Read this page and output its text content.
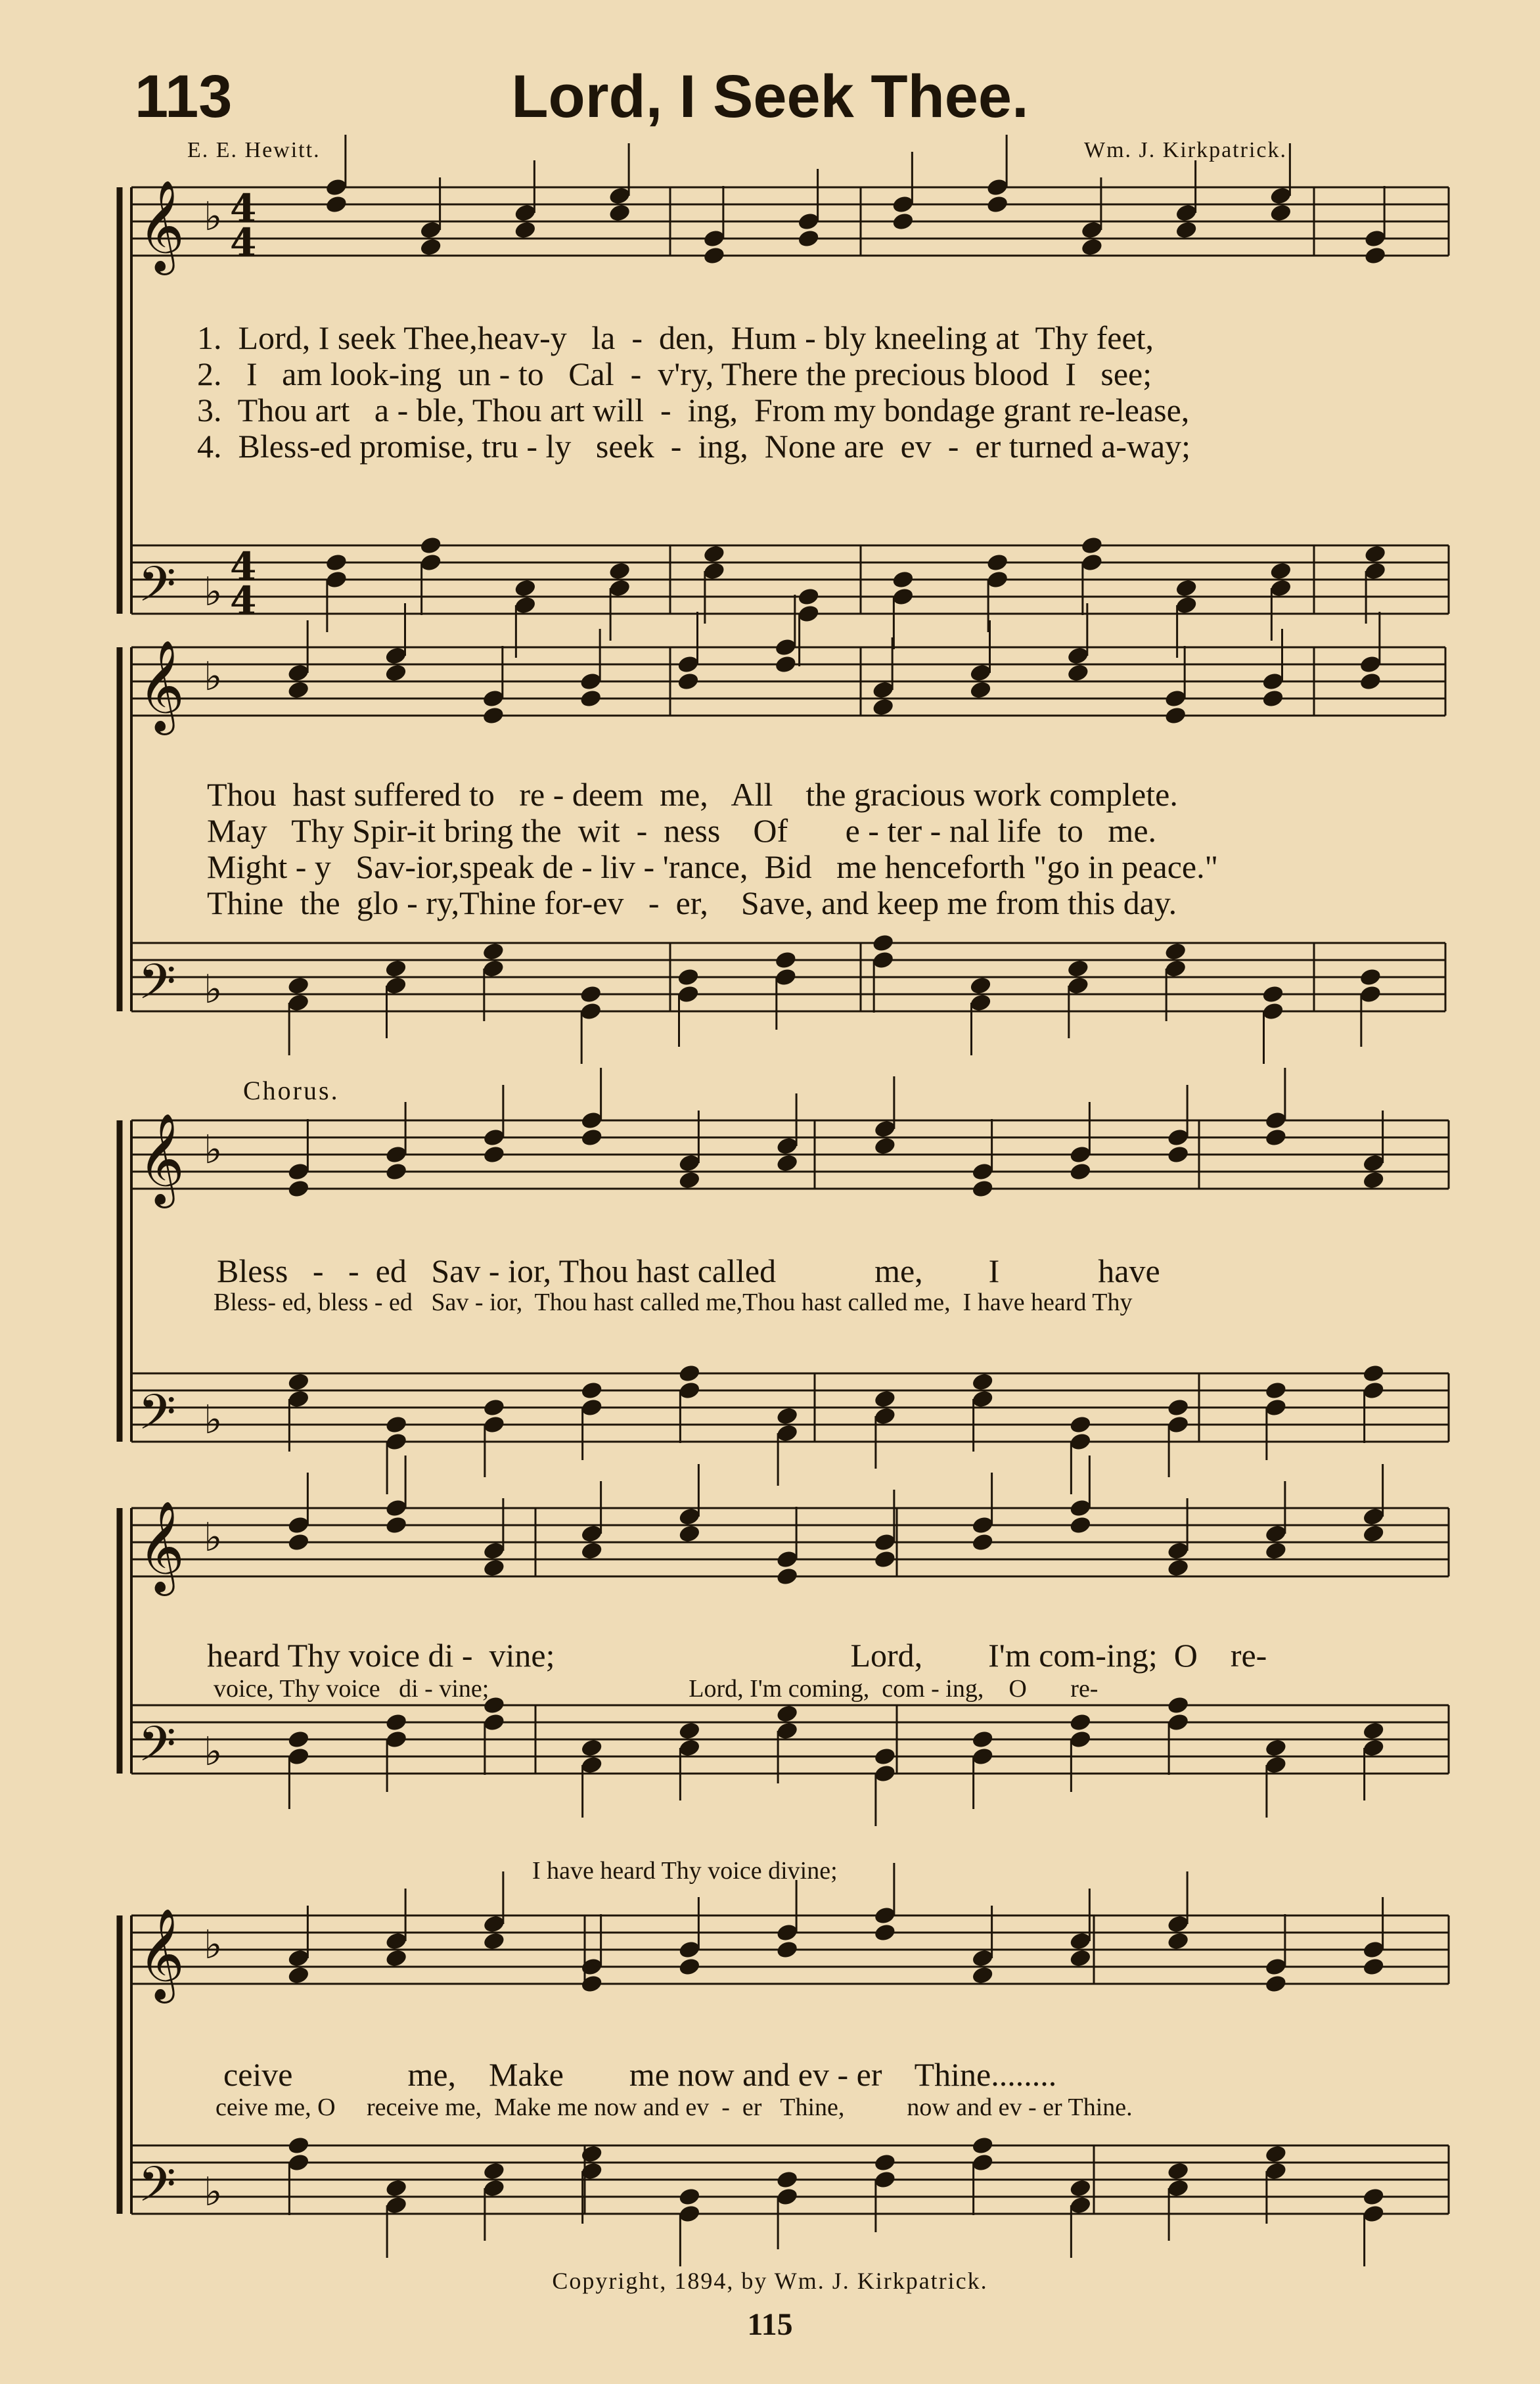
113	Lord, I Seek Thee.
E. E. Hewitt.	Wm. J. Kirkpatrick.
𝄞 ♭ 4
4
𝄢 ♭
4
4
𝄞 ♭
𝄢 ♭
𝄞 ♭
𝄢 ♭
𝄞 ♭
𝄢 ♭
𝄞 ♭
𝄢 ♭
1.  Lord, I seek Thee,heav-y   la  -  den,  Hum - bly kneeling at  Thy feet,
2.   I   am look-ing  un - to   Cal  -  v'ry, There the precious blood  I   see;
3.  Thou art   a - ble, Thou art will  -  ing,  From my bondage grant re-lease,
4.  Bless-ed promise, tru - ly   seek  -  ing,  None are  ev  -  er turned a-way;
Thou  hast suffered to   re - deem  me,   All    the gracious work complete.
May   Thy Spir-it bring the  wit  -  ness    Of       e - ter - nal life  to   me.
Might - y   Sav-ior,speak de - liv - 'rance,  Bid   me henceforth "go in peace."
Thine  the  glo - ry,Thine for-ev   -  er,    Save, and keep me from this day.
Chorus.
Bless   -   -  ed   Sav - ior, Thou hast called            me,        I            have
Bless- ed, bless - ed   Sav - ior,  Thou hast called me,Thou hast called me,  I have heard Thy
heard Thy voice di -  vine;                                    Lord,        I'm com-ing;  O    re-
voice, Thy voice   di - vine;                                Lord, I'm coming,  com - ing,    O       re-
I have heard Thy voice divine;
ceive              me,    Make        me now and ev - er    Thine........
ceive me, O     receive me,  Make me now and ev  -  er   Thine,          now and ev - er Thine.
Copyright, 1894, by Wm. J. Kirkpatrick.
115
